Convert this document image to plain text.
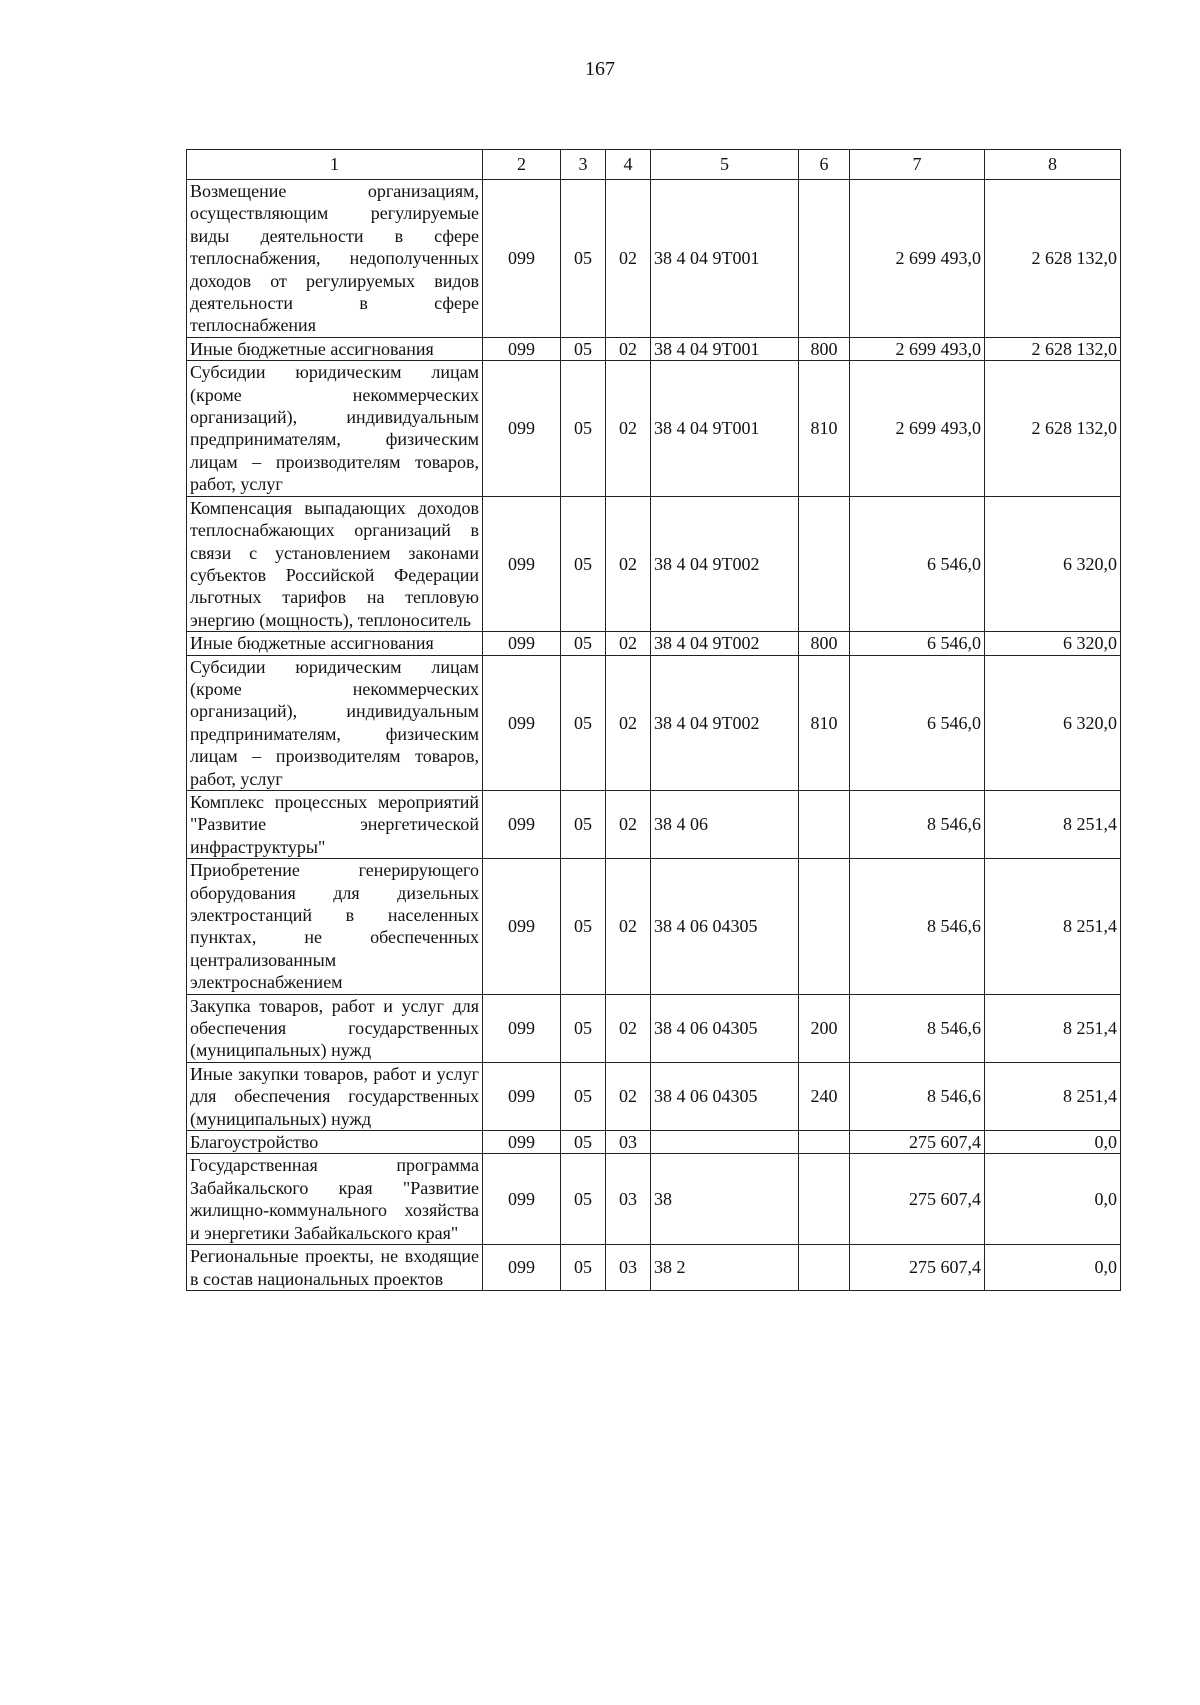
167
1	2	3	4	5	6	7	8
Возмещение организациям, осуществляющим регулируемые виды деятельности в сфере теплоснабжения, недополученных доходов от регулируемых видов деятельности в сфере теплоснабжения	099	05	02	38 4 04 9Т001		2 699 493,0	2 628 132,0
Иные бюджетные ассигнования	099	05	02	38 4 04 9Т001	800	2 699 493,0	2 628 132,0
Субсидии юридическим лицам (кроме некоммерческих организаций), индивидуальным предпринимателям, физическим лицам – производителям товаров, работ, услуг	099	05	02	38 4 04 9Т001	810	2 699 493,0	2 628 132,0
Компенсация выпадающих доходов теплоснабжающих организаций в связи с установлением законами субъектов Российской Федерации льготных тарифов на тепловую энергию (мощность), теплоноситель	099	05	02	38 4 04 9Т002		6 546,0	6 320,0
Иные бюджетные ассигнования	099	05	02	38 4 04 9Т002	800	6 546,0	6 320,0
Субсидии юридическим лицам (кроме некоммерческих организаций), индивидуальным предпринимателям, физическим лицам – производителям товаров, работ, услуг	099	05	02	38 4 04 9Т002	810	6 546,0	6 320,0
Комплекс процессных мероприятий "Развитие энергетической инфраструктуры"	099	05	02	38 4 06		8 546,6	8 251,4
Приобретение генерирующего оборудования для дизельных электростанций в населенных пунктах, не обеспеченных централизованным электроснабжением	099	05	02	38 4 06 04305		8 546,6	8 251,4
Закупка товаров, работ и услуг для обеспечения государственных (муниципальных) нужд	099	05	02	38 4 06 04305	200	8 546,6	8 251,4
Иные закупки товаров, работ и услуг для обеспечения государственных (муниципальных) нужд	099	05	02	38 4 06 04305	240	8 546,6	8 251,4
Благоустройство	099	05	03			275 607,4	0,0
Государственная программа Забайкальского края "Развитие жилищно-коммунального хозяйства и энергетики Забайкальского края"	099	05	03	38		275 607,4	0,0
Региональные проекты, не входящие в состав национальных проектов	099	05	03	38 2		275 607,4	0,0
